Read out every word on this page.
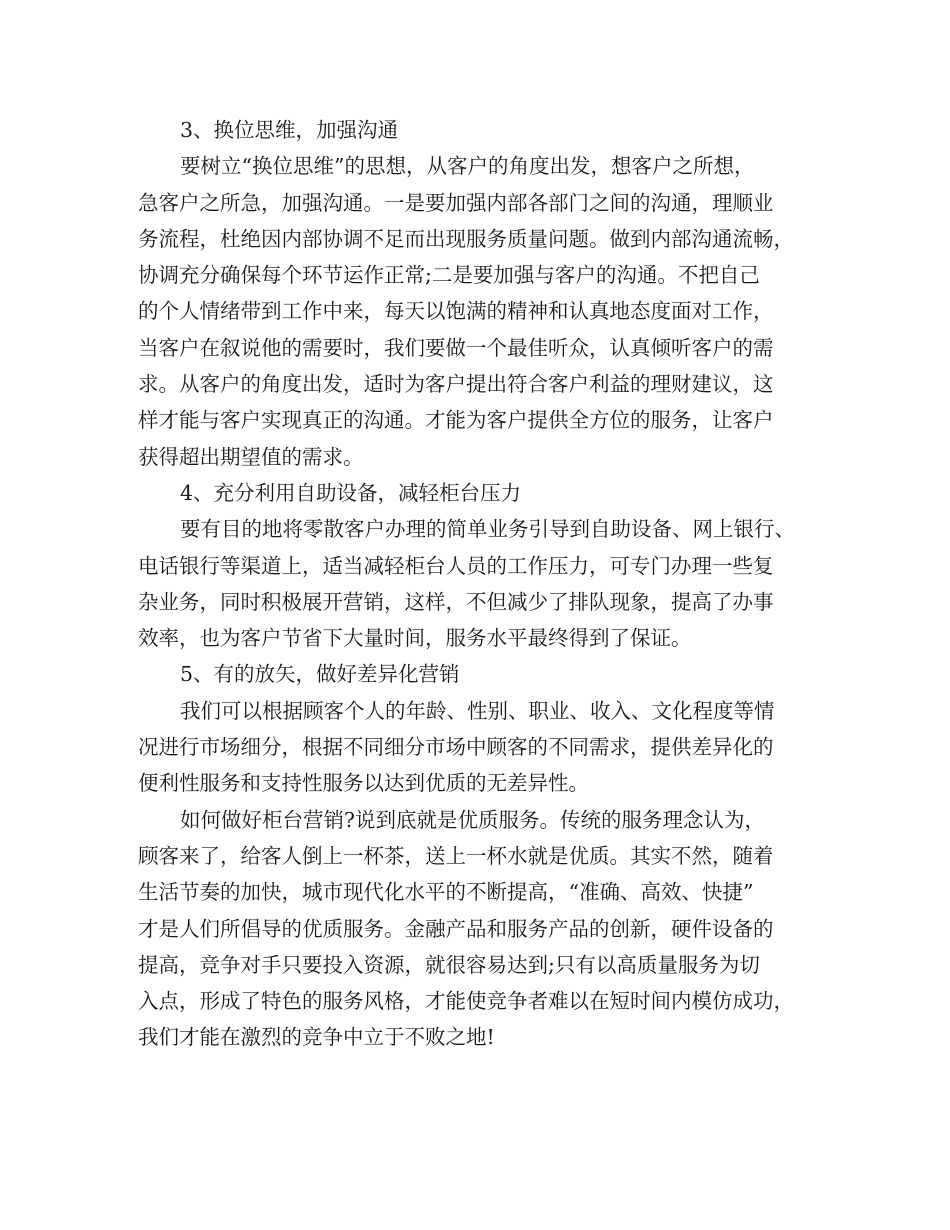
3、换位思维，加强沟通
要树立“换位思维”的思想，从客户的角度出发，想客户之所想，
急客户之所急，加强沟通。一是要加强内部各部门之间的沟通，理顺业
务流程，杜绝因内部协调不足而出现服务质量问题。做到内部沟通流畅，
协调充分确保每个环节运作正常;二是要加强与客户的沟通。不把自己
的个人情绪带到工作中来，每天以饱满的精神和认真地态度面对工作，
当客户在叙说他的需要时，我们要做一个最佳听众，认真倾听客户的需
求。从客户的角度出发，适时为客户提出符合客户利益的理财建议，这
样才能与客户实现真正的沟通。才能为客户提供全方位的服务，让客户
获得超出期望值的需求。
4、充分利用自助设备，减轻柜台压力
要有目的地将零散客户办理的简单业务引导到自助设备、网上银行、
电话银行等渠道上，适当减轻柜台人员的工作压力，可专门办理一些复
杂业务，同时积极展开营销，这样，不但减少了排队现象，提高了办事
效率，也为客户节省下大量时间，服务水平最终得到了保证。
5、有的放矢，做好差异化营销
我们可以根据顾客个人的年龄、性别、职业、收入、文化程度等情
况进行市场细分，根据不同细分市场中顾客的不同需求，提供差异化的
便利性服务和支持性服务以达到优质的无差异性。
如何做好柜台营销?说到底就是优质服务。传统的服务理念认为，
顾客来了，给客人倒上一杯茶，送上一杯水就是优质。其实不然，随着
生活节奏的加快，城市现代化水平的不断提高，“准确、高效、快捷”
才是人们所倡导的优质服务。金融产品和服务产品的创新，硬件设备的
提高，竞争对手只要投入资源，就很容易达到;只有以高质量服务为切
入点，形成了特色的服务风格，才能使竞争者难以在短时间内模仿成功，
我们才能在激烈的竞争中立于不败之地!
